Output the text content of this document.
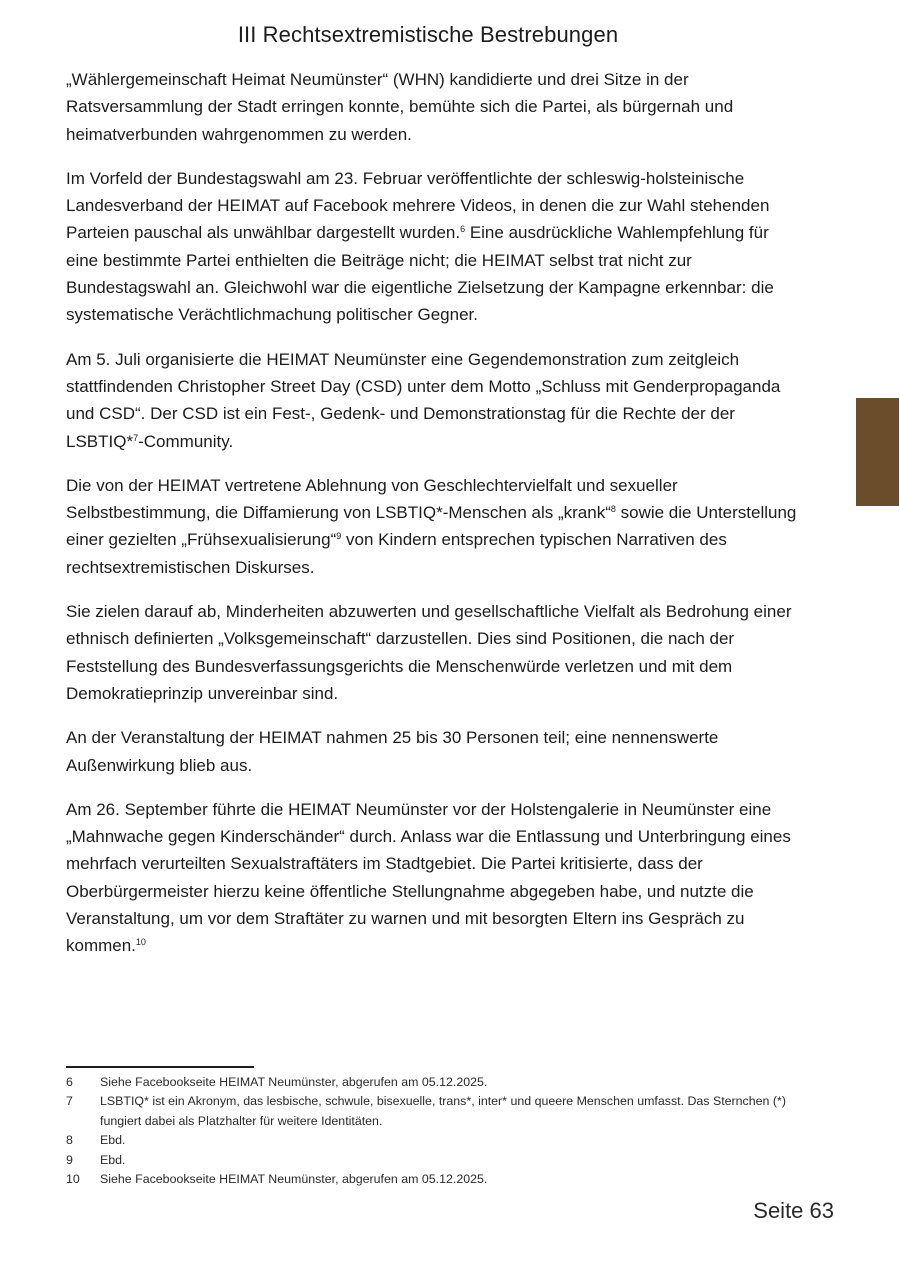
III Rechtsextremistische Bestrebungen

„Wählergemeinschaft Heimat Neumünster“ (WHN) kandidierte und drei Sitze in der Ratsversammlung der Stadt erringen konnte, bemühte sich die Partei, als bürgernah und heimatverbunden wahrgenommen zu werden.

Im Vorfeld der Bundestagswahl am 23. Februar veröffentlichte der schleswig-holsteinische Landesverband der HEIMAT auf Facebook mehrere Videos, in denen die zur Wahl stehenden Parteien pauschal als unwählbar dargestellt wurden.$^6$ Eine ausdrückliche Wahlempfehlung für eine bestimmte Partei enthielten die Beiträge nicht; die HEIMAT selbst trat nicht zur Bundestagswahl an. Gleichwohl war die eigentliche Zielsetzung der Kampagne erkennbar: die systematische Verächtlichmachung politischer Gegner.

Am 5. Juli organisierte die HEIMAT Neumünster eine Gegendemonstration zum zeitgleich stattfindenden Christopher Street Day (CSD) unter dem Motto „Schluss mit Genderpropaganda und CSD“. Der CSD ist ein Fest-, Gedenk- und Demonstrationstag für die Rechte der der LSBTIQ*$^7$-Community.

Die von der HEIMAT vertretene Ablehnung von Geschlechtervielfalt und sexueller Selbstbestimmung, die Diffamierung von LSBTIQ*-Menschen als „krank“$^8$ sowie die Unterstellung einer gezielten „Frühsexualisierung“$^9$ von Kindern entsprechen typischen Narrativen des rechtsextremistischen Diskurses.

Sie zielen darauf ab, Minderheiten abzuwerten und gesellschaftliche Vielfalt als Bedrohung einer ethnisch definierten „Volksgemeinschaft“ darzustellen. Dies sind Positionen, die nach der Feststellung des Bundesverfassungsgerichts die Menschenwürde verletzen und mit dem Demokratieprinzip unvereinbar sind.

An der Veranstaltung der HEIMAT nahmen 25 bis 30 Personen teil; eine nennenswerte Außenwirkung blieb aus.

Am 26. September führte die HEIMAT Neumünster vor der Holstengalerie in Neumünster eine „Mahnwache gegen Kinderschänder“ durch. Anlass war die Entlassung und Unterbringung eines mehrfach verurteilten Sexualstraftäters im Stadtgebiet. Die Partei kritisierte, dass der Oberbürgermeister hierzu keine öffentliche Stellungnahme abgegeben habe, und nutzte die Veranstaltung, um vor dem Straftäter zu warnen und mit besorgten Eltern ins Gespräch zu kommen.$^{10}$

6	Siehe Facebookseite HEIMAT Neumünster, abgerufen am 05.12.2025.
7	LSBTIQ* ist ein Akronym, das lesbische, schwule, bisexuelle, trans*, inter* und queere Menschen umfasst. Das Sternchen (*) fungiert dabei als Platzhalter für weitere Identitäten.
8	Ebd.
9	Ebd.
10	Siehe Facebookseite HEIMAT Neumünster, abgerufen am 05.12.2025.
Seite 63
